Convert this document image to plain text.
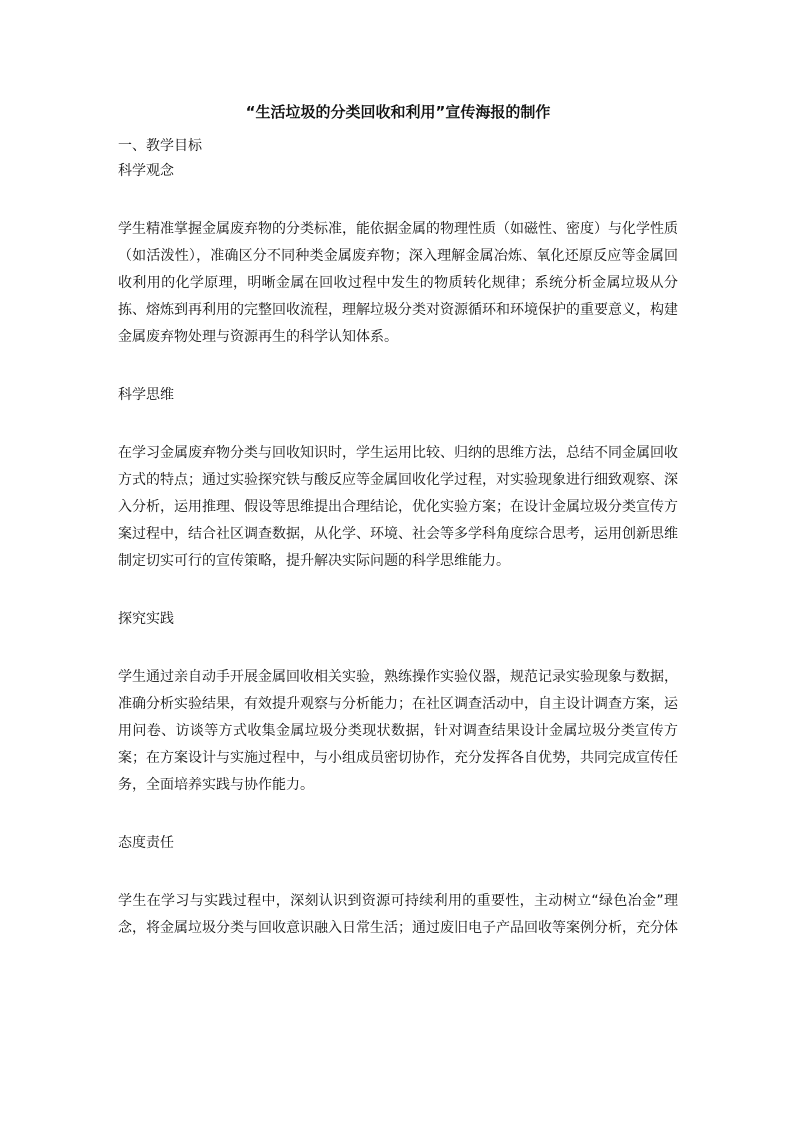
“生活垃圾的分类回收和利用”宣传海报的制作

一、教学目标

科学观念

学生精准掌握金属废弃物的分类标准，能依据金属的物理性质（如磁性、密度）与化学性质（如活泼性），准确区分不同种类金属废弃物；深入理解金属冶炼、氧化还原反应等金属回收利用的化学原理，明晰金属在回收过程中发生的物质转化规律；系统分析金属垃圾从分拣、熔炼到再利用的完整回收流程，理解垃圾分类对资源循环和环境保护的重要意义，构建金属废弃物处理与资源再生的科学认知体系。

科学思维

在学习金属废弃物分类与回收知识时，学生运用比较、归纳的思维方法，总结不同金属回收方式的特点；通过实验探究铁与酸反应等金属回收化学过程，对实验现象进行细致观察、深入分析，运用推理、假设等思维提出合理结论，优化实验方案；在设计金属垃圾分类宣传方案过程中，结合社区调查数据，从化学、环境、社会等多学科角度综合思考，运用创新思维制定切实可行的宣传策略，提升解决实际问题的科学思维能力。

探究实践

学生通过亲自动手开展金属回收相关实验，熟练操作实验仪器，规范记录实验现象与数据，准确分析实验结果，有效提升观察与分析能力；在社区调查活动中，自主设计调查方案，运用问卷、访谈等方式收集金属垃圾分类现状数据，针对调查结果设计金属垃圾分类宣传方案；在方案设计与实施过程中，与小组成员密切协作，充分发挥各自优势，共同完成宣传任务，全面培养实践与协作能力。

态度责任

学生在学习与实践过程中，深刻认识到资源可持续利用的重要性，主动树立“绿色冶金”理念，将金属垃圾分类与回收意识融入日常生活；通过废旧电子产品回收等案例分析，充分体
